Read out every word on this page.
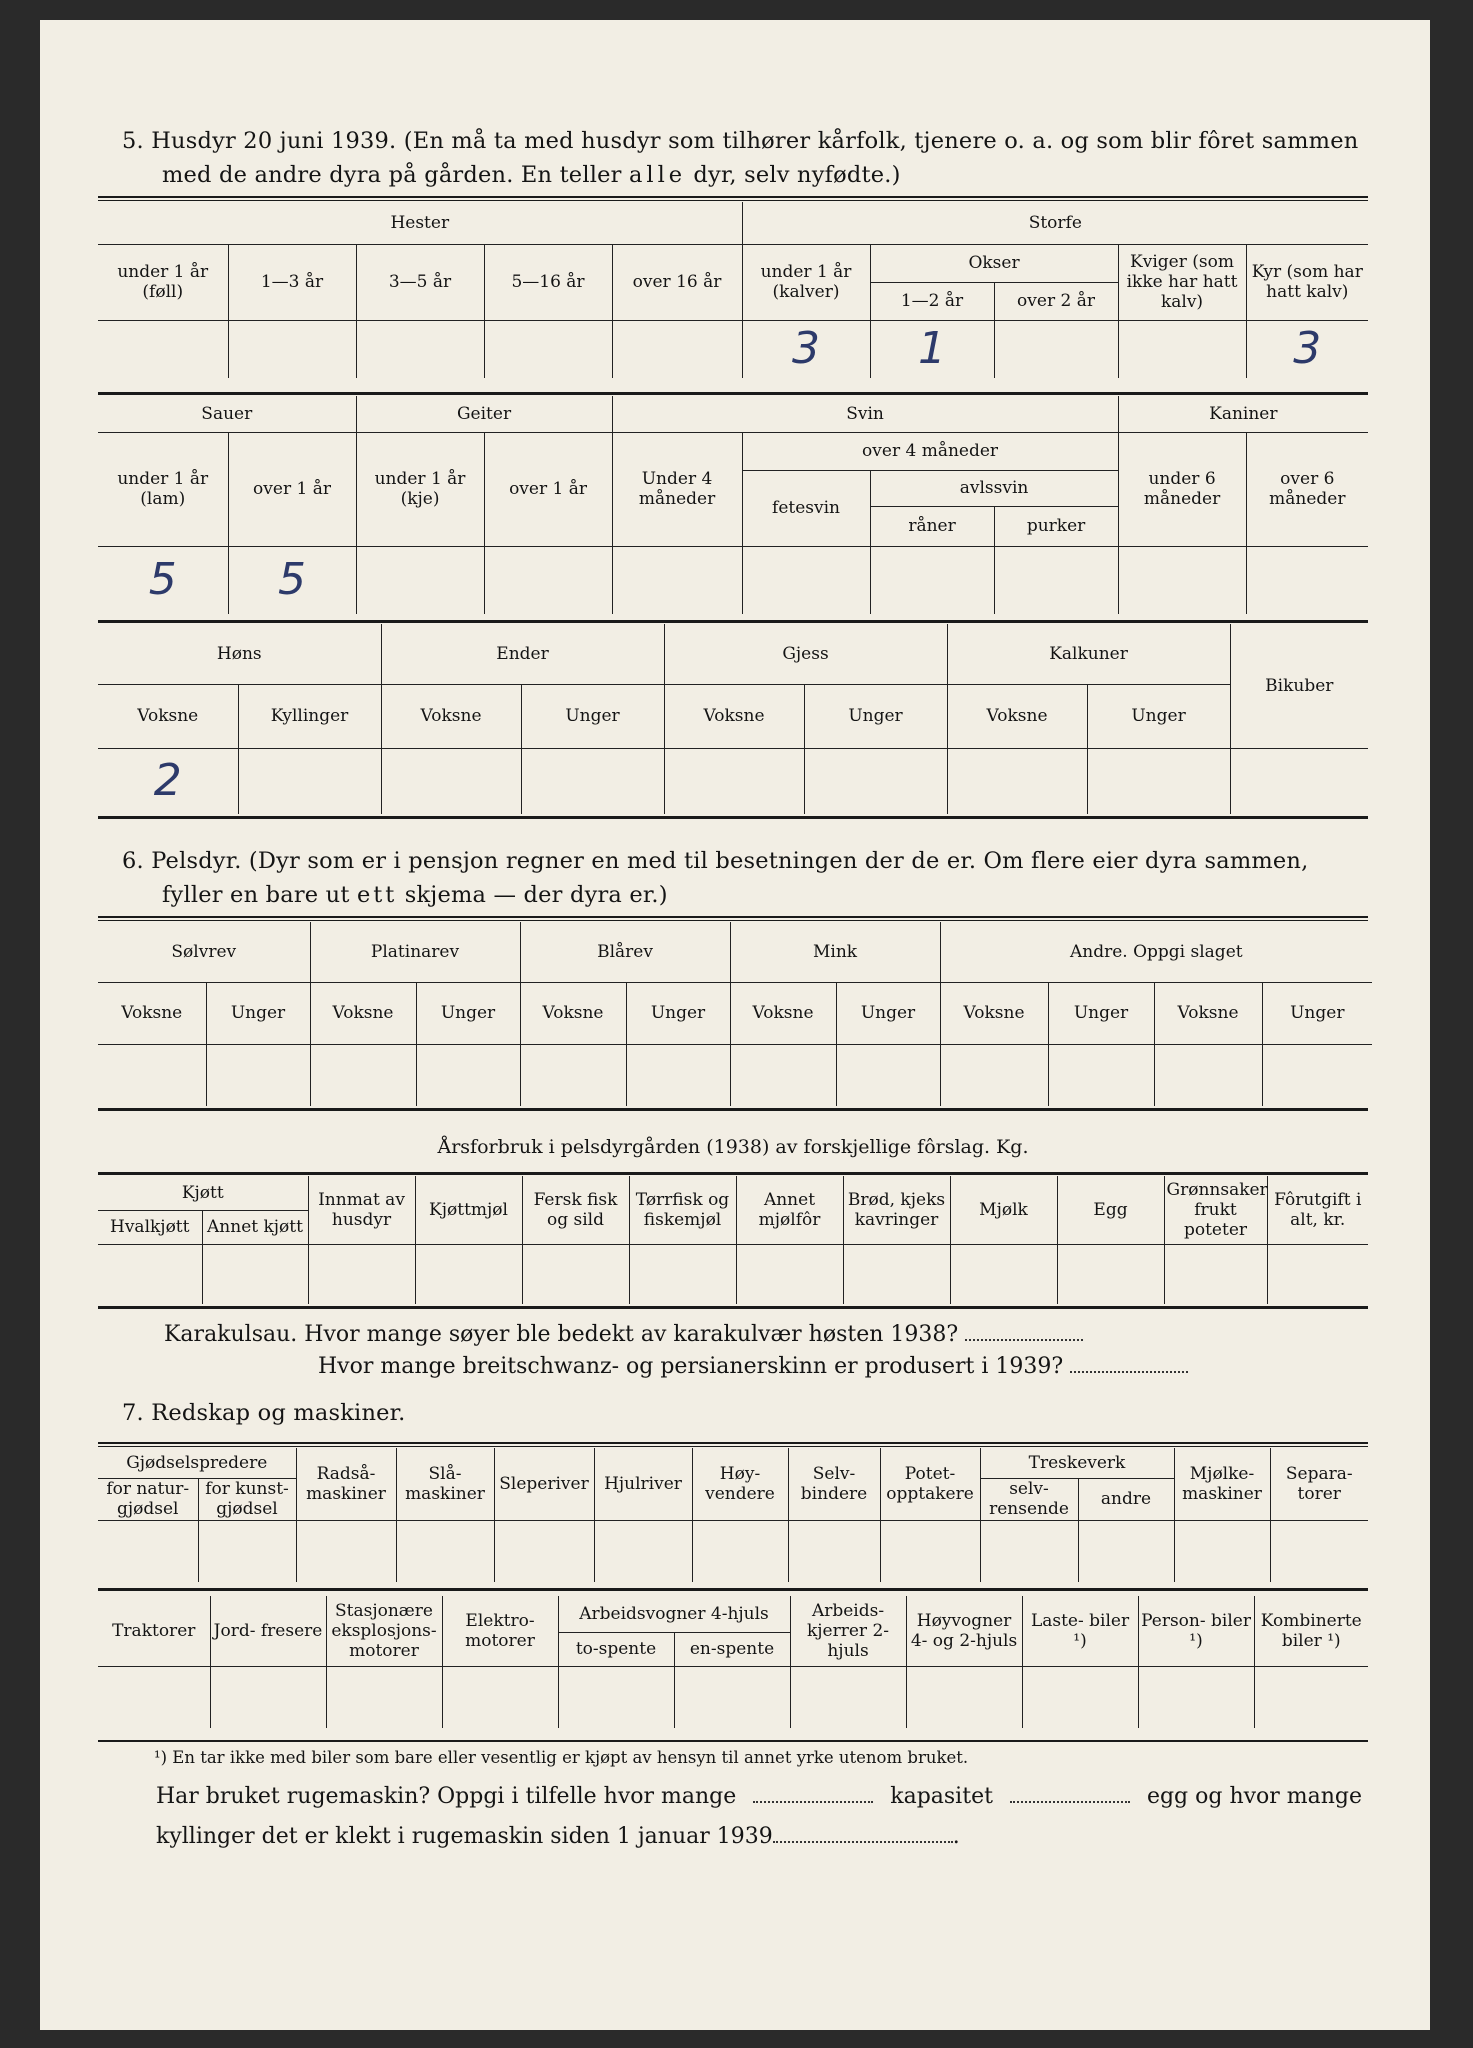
5. Husdyr 20 juni 1939. (En må ta med husdyr som tilhører kårfolk, tjenere o. a. og som blir fôret sammen
med de andre dyra på gården. En teller alle dyr, selv nyfødte.)
Hester					Storfe				
under 1 år (føll)	1—3 år	3—5 år	5—16 år	over 16 år	under 1 år (kalver)	Okser		Kviger (som ikke har hatt kalv)	Kyr (som har hatt kalv)
						1—2 år	over 2 år		
					3	1			3
Sauer		Geiter		Svin				Kaniner	
under 1 år (lam)	over 1 år	under 1 år (kje)	over 1 år	Under 4 måneder	over 4 måneder			under 6 måneder	over 6 måneder
					fetesvin	avlssvin			
						råner	purker		
5	5								
Høns		Ender		Gjess		Kalkuner		Bikuber
Voksne	Kyllinger	Voksne	Unger	Voksne	Unger	Voksne	Unger	
2								
6. Pelsdyr. (Dyr som er i pensjon regner en med til besetningen der de er. Om flere eier dyra sammen,
fyller en bare ut ett skjema — der dyra er.)
Sølvrev		Platinarev		Blårev		Mink		Andre. Oppgi slaget			
Voksne	Unger	Voksne	Unger	Voksne	Unger	Voksne	Unger	Voksne	Unger	Voksne	Unger

Årsforbruk i pelsdyrgården (1938) av forskjellige fôrslag. Kg.
Kjøtt		Innmat av husdyr	Kjøttmjøl	Fersk fisk og sild	Tørrfisk og fiskemjøl	Annet mjølfôr	Brød, kjeks kavringer	Mjølk	Egg	Grønnsaker frukt poteter	Fôrutgift i alt, kr.
Hvalkjøtt	Annet kjøtt										

Karakulsau. Hvor mange søyer ble bedekt av karakulvær høsten 1938?
Hvor mange breitschwanz- og persianerskinn er produsert i 1939?
7. Redskap og maskiner.
Gjødselspredere		Radså- maskiner	Slå- maskiner	Sleperiver	Hjulriver	Høy- vendere	Selv- bindere	Potet- opptakere	Treskeverk		Mjølke- maskiner	Separa- torer
for natur- gjødsel	for kunst- gjødsel								selv- rensende	andre		

Traktorer	Jord- freserе	Stasjonære eksplosjons- motorer	Elektro- motorer	Arbeidsvogner 4-hjuls		Arbeids- kjerrer 2-hjuls	Høyvogner 4- og 2-hjuls	Laste- biler ¹)	Person- biler ¹)	Kombinerte biler ¹)
				to-spente	en-spente					

¹) En tar ikke med biler som bare eller vesentlig er kjøpt av hensyn til annet yrke utenom bruket.
Har bruket rugemaskin? Oppgi i tilfelle hvor mange	kapasitet	egg og hvor mange
kyllinger det er klekt i rugemaskin siden 1 januar 1939	.
